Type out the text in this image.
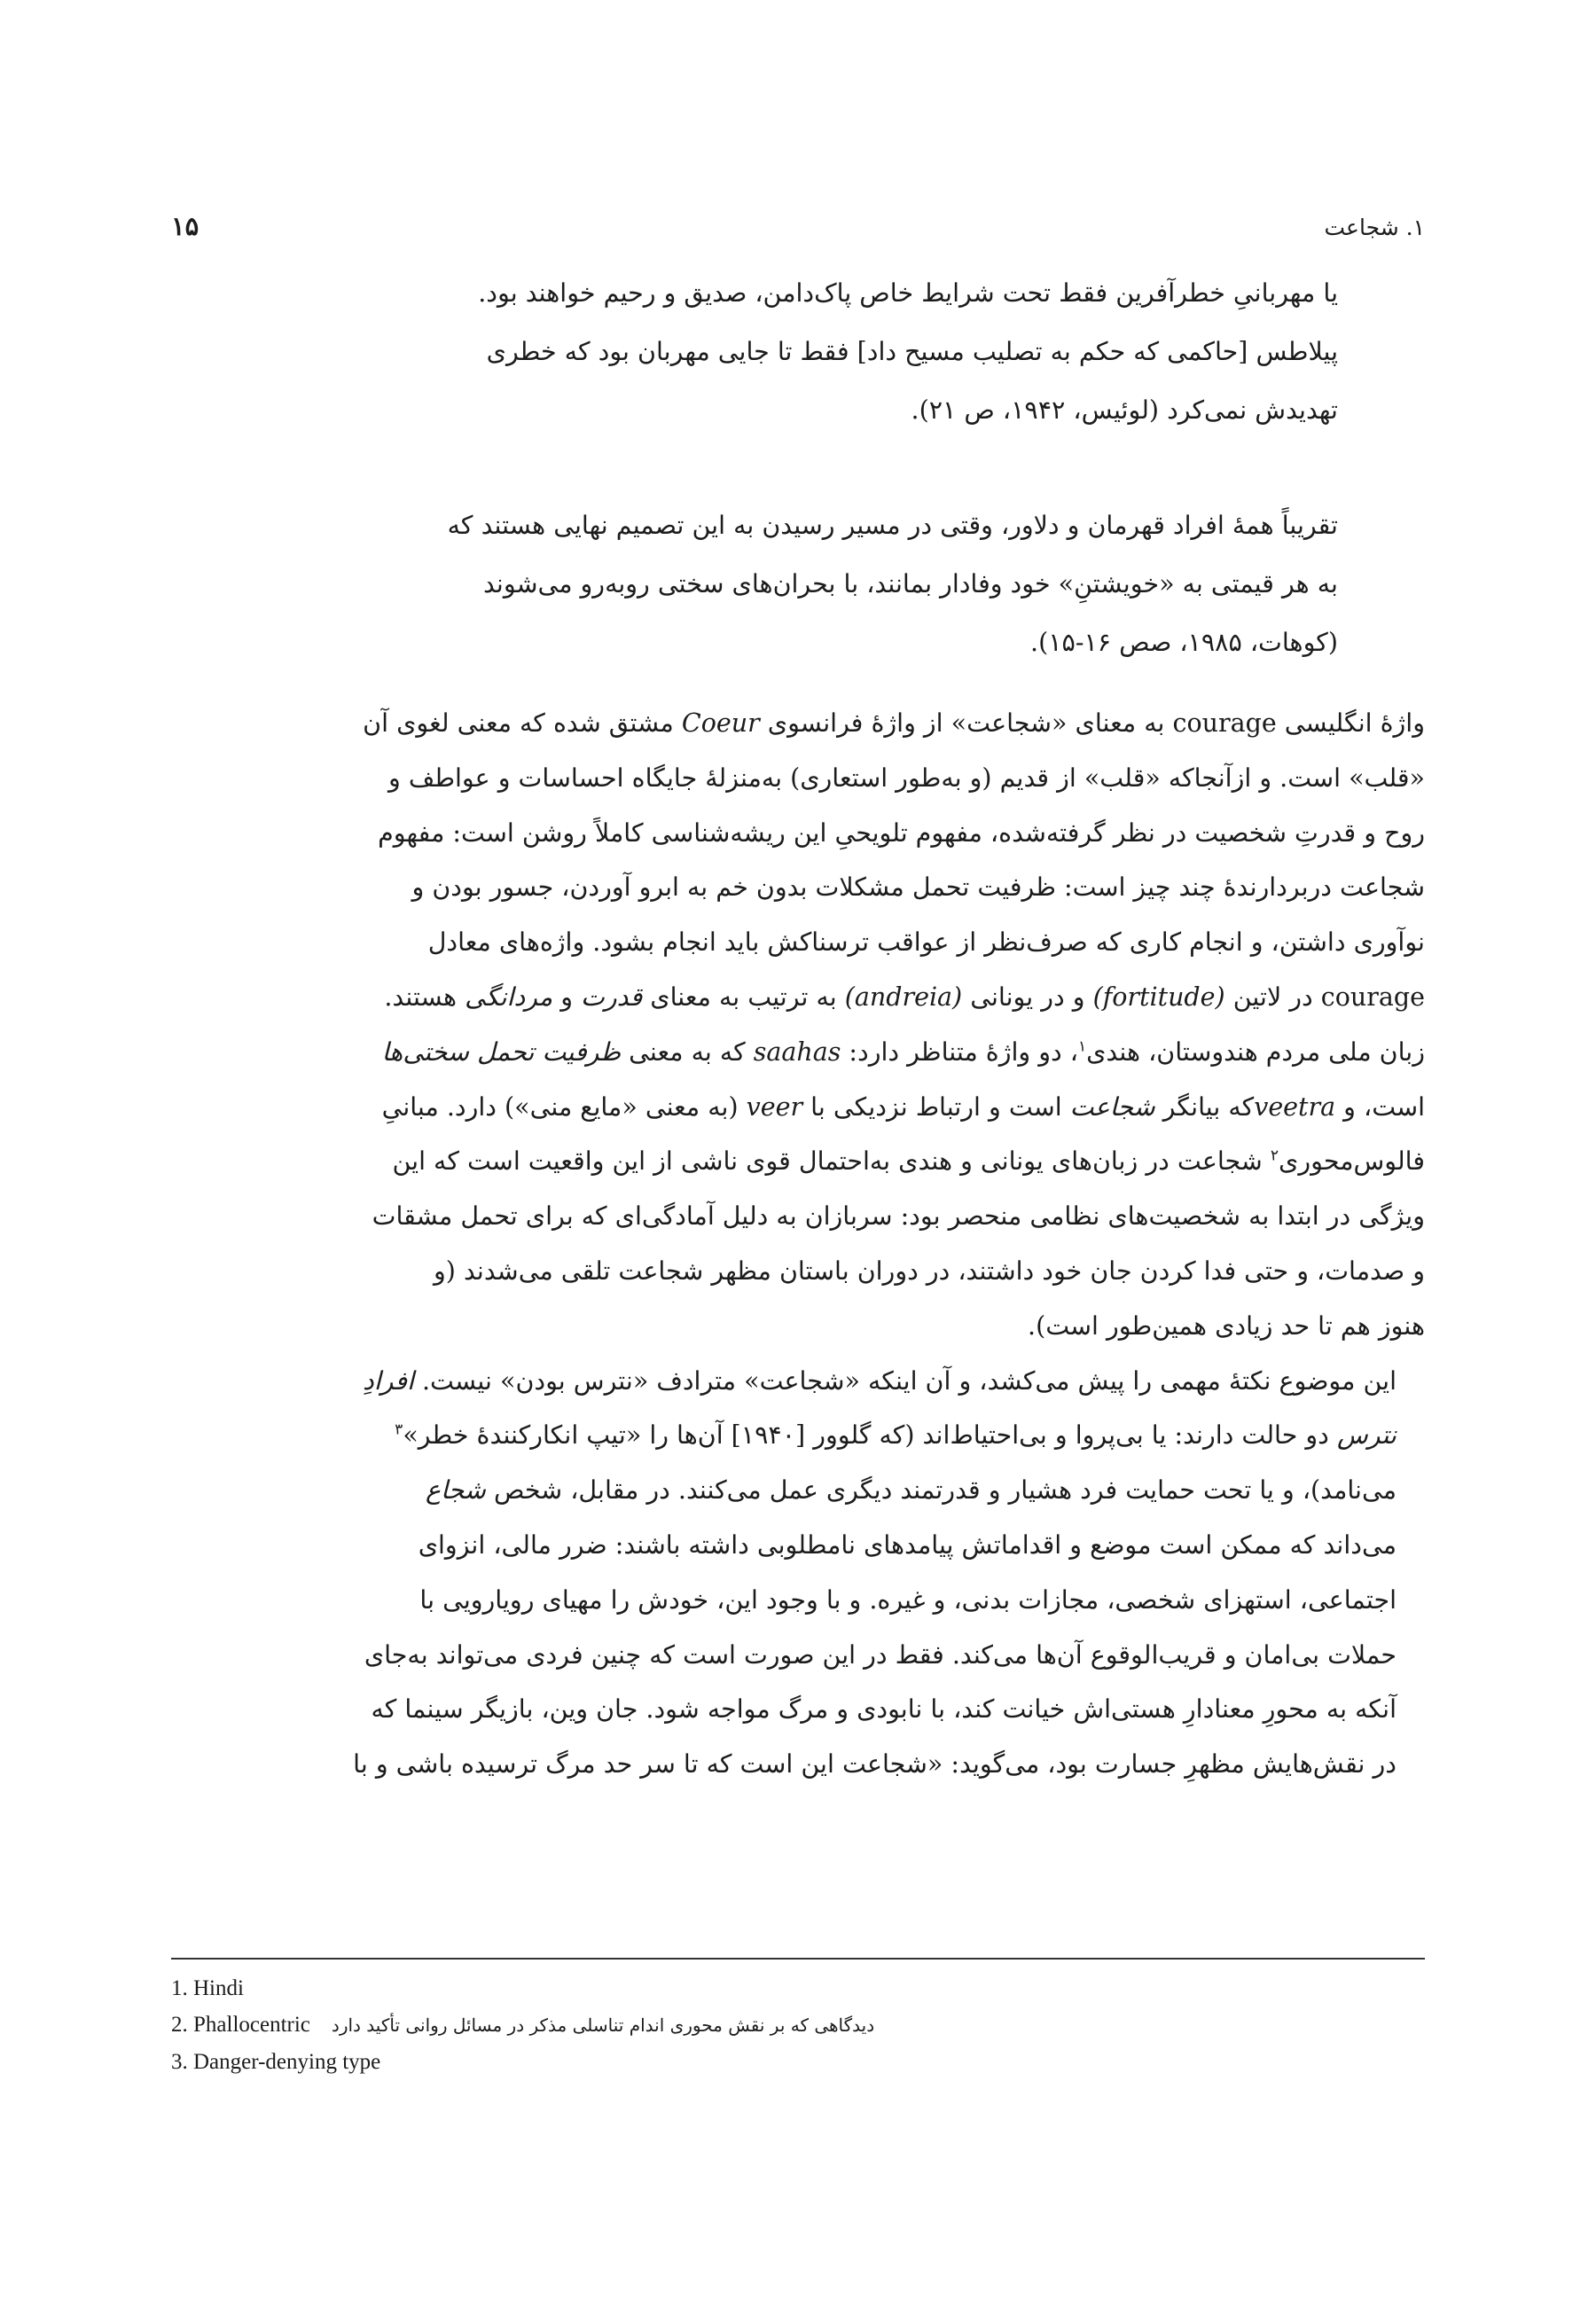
۱. شجاعت
۱۵
یا مهربانیِ خطرآفرین فقط تحت شرایط خاص پاک‌دامن، صدیق و رحیم خواهند بود.
پیلاطس [حاکمی که حکم به تصلیب مسیح داد] فقط تا جایی مهربان بود که خطری
تهدیدش نمی‌کرد (لوئیس، ۱۹۴۲، ص ۲۱).
تقریباً همهٔ افراد قهرمان و دلاور، وقتی در مسیر رسیدن به این تصمیم نهایی هستند که
به هر قیمتی به «خویشتنِ» خود وفادار بمانند، با بحران‌های سختی روبه‌رو می‌شوند
(کوهات، ۱۹۸۵، صص ۱۶-۱۵).
واژهٔ انگلیسی courage به معنای «شجاعت» از واژهٔ فرانسوی Coeur مشتق شده که معنی لغوی آن
«قلب» است. و ازآنجاکه «قلب» از قدیم (و به‌طور استعاری) به‌منزلهٔ جایگاه احساسات و عواطف و
روح و قدرتِ شخصیت در نظر گرفته‌شده، مفهوم تلویحیِ این ریشه‌شناسی کاملاً روشن است: مفهوم
شجاعت دربردارندهٔ چند چیز است: ظرفیت تحمل مشکلات بدون خم به ابرو آوردن، جسور بودن و
نوآوری داشتن، و انجام کاری که صرف‌نظر از عواقب ترسناکش باید انجام بشود. واژه‌های معادل
courage در لاتین (fortitude) و در یونانی (andreia) به ترتیب به معنای قدرت و مردانگی هستند.
زبان ملی مردم هندوستان، هندی$^۱$، دو واژهٔ متناظر دارد: saahas که به معنی ظرفیت تحمل سختی‌ها
است، و veetraکه بیانگر شجاعت است و ارتباط نزدیکی با veer (به معنی «مایع منی») دارد. مبانیِ
فالوس‌محوری$^۲$ شجاعت در زبان‌های یونانی و هندی به‌احتمال قوی ناشی از این واقعیت است که این
ویژگی در ابتدا به شخصیت‌های نظامی منحصر بود: سربازان به دلیل آمادگی‌ای که برای تحمل مشقات
و صدمات، و حتی فدا کردن جان خود داشتند، در دوران باستان مظهر شجاعت تلقی می‌شدند (و
هنوز هم تا حد زیادی همین‌طور است).
این موضوع نکتهٔ مهمی را پیش می‌کشد، و آن اینکه «شجاعت» مترادف «نترس بودن» نیست. افرادِ
نترس دو حالت دارند: یا بی‌پروا و بی‌احتیاط‌اند (که گلوور [۱۹۴۰] آن‌ها را «تیپ انکارکنندهٔ خطر»$^۳$
می‌نامد)، و یا تحت حمایت فرد هشیار و قدرتمند دیگری عمل می‌کنند. در مقابل، شخص شجاع
می‌داند که ممکن است موضع و اقداماتش پیامدهای نامطلوبی داشته باشند: ضرر مالی، انزوای
اجتماعی، استهزای شخصی، مجازات بدنی، و غیره. و با وجود این، خودش را مهیای رویارویی با
حملات بی‌امان و قریب‌الوقوع آن‌ها می‌کند. فقط در این صورت است که چنین فردی می‌تواند به‌جای
آنکه به محورِ معنادارِ هستی‌اش خیانت کند، با نابودی و مرگ مواجه شود. جان وین، بازیگر سینما که
در نقش‌هایش مظهرِ جسارت بود، می‌گوید: «شجاعت این است که تا سر حد مرگ ترسیده باشی و با
1. Hindi
2. Phallocentric دیدگاهی که بر نقش محوری اندام تناسلی مذکر در مسائل روانی تأکید دارد
3. Danger-denying type
